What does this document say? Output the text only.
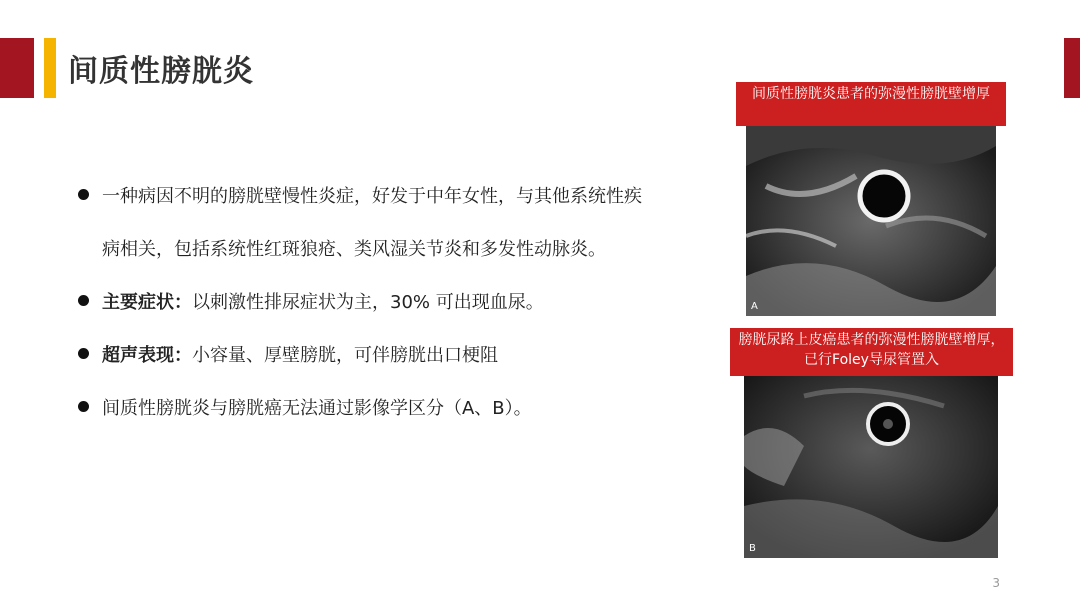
间质性膀胱炎
一种病因不明的膀胱壁慢性炎症，好发于中年女性，与其他系统性疾病相关，包括系统性红斑狼疮、类风湿关节炎和多发性动脉炎。
主要症状：以刺激性排尿症状为主，30% 可出现血尿。
超声表现：小容量、厚壁膀胱，可伴膀胱出口梗阻
间质性膀胱炎与膀胱癌无法通过影像学区分（A、B）。
间质性膀胱炎患者的弥漫性膀胱壁增厚
A
膀胱尿路上皮癌患者的弥漫性膀胱壁增厚，已行Foley导尿管置入
B
3
